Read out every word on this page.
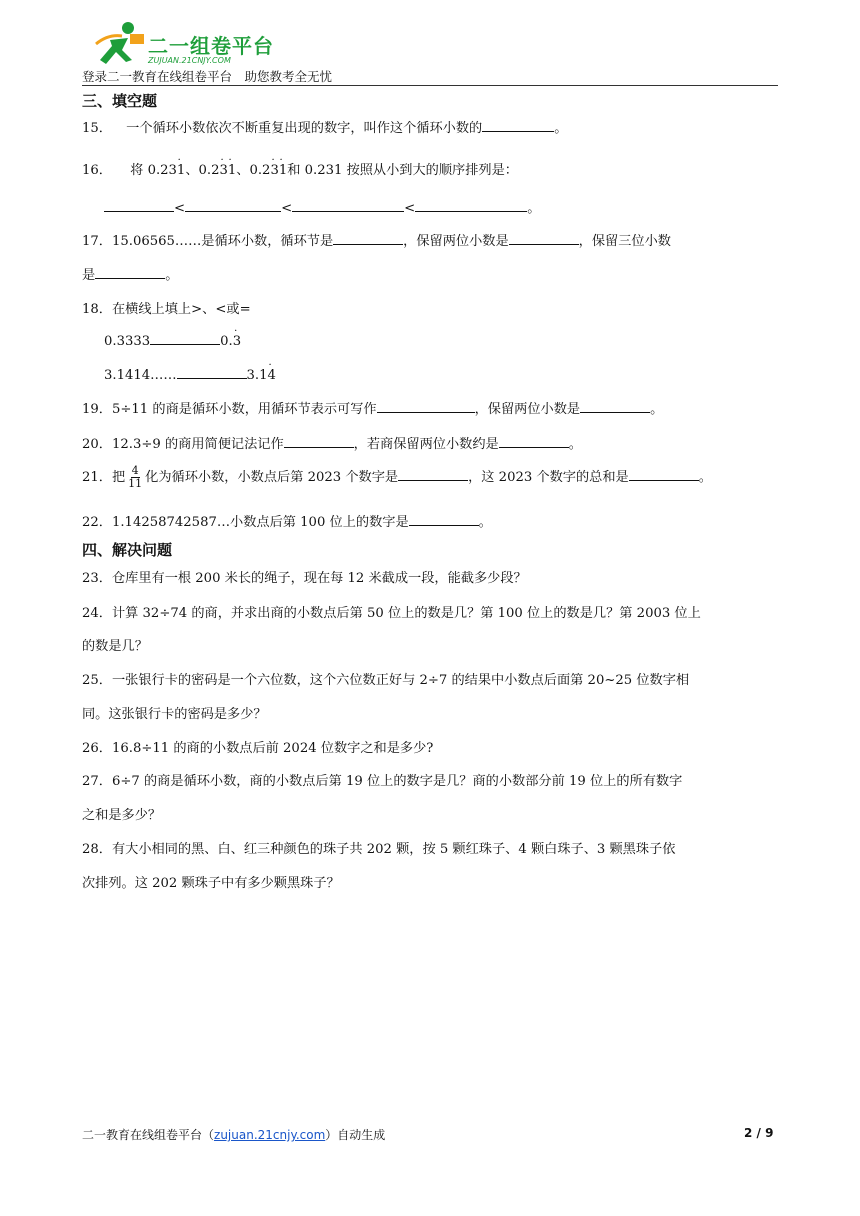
二一组卷平台
ZUJUAN.21CNJY.COM
登录二一教育在线组卷平台　助您教考全无忧
三、填空题
15． 一个循环小数依次不断重复出现的数字，叫作这个循环小数的	。
16． 将 0.231
·
、0.231
· ·
、0.231
· ·
和 0.231 按照从小到大的顺序排列是：
<	<	<	。
17．15.06565……是循环小数，循环节是	，保留两位小数是	，保留三位小数
是	。
18．在横线上填上>、<或=
0.3333	0.3
·
3.1414……	3.14
·
19．5÷11 的商是循环小数，用循环节表示可写作	，保留两位小数是	。
20．12.3÷9 的商用简便记法记作	，若商保留两位小数约是	。
21．把 $\frac{4}{11}$ 化为循环小数，小数点后第 2023 个数字是	，这 2023 个数字的总和是	。
22．1.14258742587…小数点后第 100 位上的数字是	。
四、解决问题
23．仓库里有一根 200 米长的绳子，现在每 12 米截成一段，能截多少段？
24．计算 32÷74 的商，并求出商的小数点后第 50 位上的数是几？第 100 位上的数是几？第 2003 位上
的数是几？
25．一张银行卡的密码是一个六位数，这个六位数正好与 2÷7 的结果中小数点后面第 20~25 位数字相
同。这张银行卡的密码是多少？
26．16.8÷11 的商的小数点后前 2024 位数字之和是多少?
27．6÷7 的商是循环小数，商的小数点后第 19 位上的数字是几？商的小数部分前 19 位上的所有数字
之和是多少？
28．有大小相同的黑、白、红三种颜色的珠子共 202 颗，按 5 颗红珠子、4 颗白珠子、3 颗黑珠子依
次排列。这 202 颗珠子中有多少颗黑珠子？
二一教育在线组卷平台（zujuan.21cnjy.com）自动生成	2 / 9
